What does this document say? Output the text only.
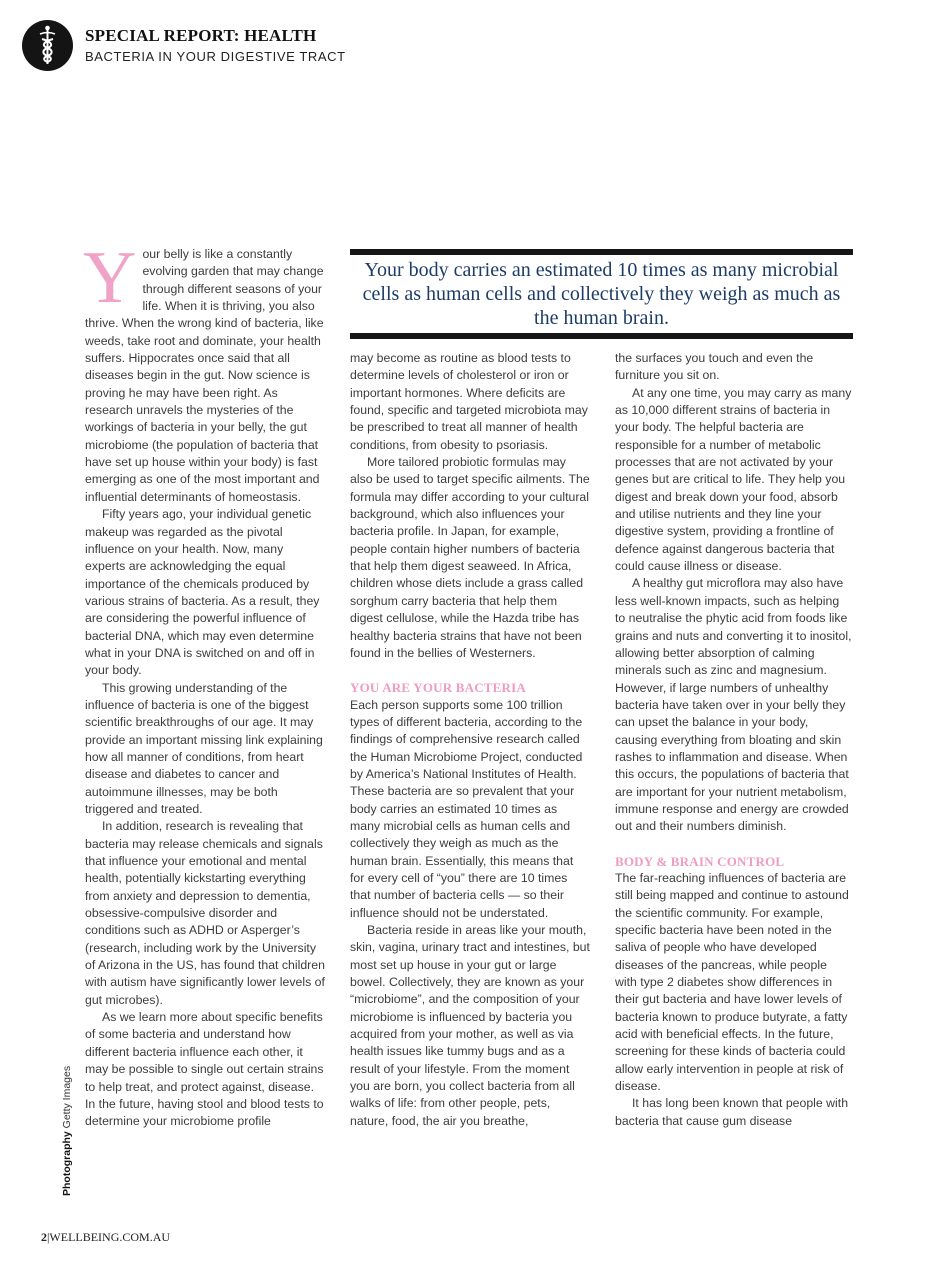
SPECIAL REPORT: HEALTH
BACTERIA IN YOUR DIGESTIVE TRACT
Your body carries an estimated 10 times as many microbial cells as human cells and collectively they weigh as much as the human brain.

Your belly is like a constantly evolving garden that may change through different seasons of your life. When it is thriving, you also thrive. When the wrong kind of bacteria, like weeds, take root and dominate, your health suffers. Hippocrates once said that all diseases begin in the gut. Now science is proving he may have been right. As research unravels the mysteries of the workings of bacteria in your belly, the gut microbiome (the population of bacteria that have set up house within your body) is fast emerging as one of the most important and influential determinants of homeostasis.

Fifty years ago, your individual genetic makeup was regarded as the pivotal influence on your health. Now, many experts are acknowledging the equal importance of the chemicals produced by various strains of bacteria. As a result, they are considering the powerful influence of bacterial DNA, which may even determine what in your DNA is switched on and off in your body.

This growing understanding of the influence of bacteria is one of the biggest scientific breakthroughs of our age. It may provide an important missing link explaining how all manner of conditions, from heart disease and diabetes to cancer and autoimmune illnesses, may be both triggered and treated.

In addition, research is revealing that bacteria may release chemicals and signals that influence your emotional and mental health, potentially kickstarting everything from anxiety and depression to dementia, obsessive-compulsive disorder and conditions such as ADHD or Asperger’s (research, including work by the University of Arizona in the US, has found that children with autism have significantly lower levels of gut microbes).

As we learn more about specific benefits of some bacteria and understand how different bacteria influence each other, it may be possible to single out certain strains to help treat, and protect against, disease. In the future, having stool and blood tests to determine your microbiome profile

may become as routine as blood tests to determine levels of cholesterol or iron or important hormones. Where deficits are found, specific and targeted microbiota may be prescribed to treat all manner of health conditions, from obesity to psoriasis.

More tailored probiotic formulas may also be used to target specific ailments. The formula may differ according to your cultural background, which also influences your bacteria profile. In Japan, for example, people contain higher numbers of bacteria that help them digest seaweed. In Africa, children whose diets include a grass called sorghum carry bacteria that help them digest cellulose, while the Hazda tribe has healthy bacteria strains that have not been found in the bellies of Westerners.

YOU ARE YOUR BACTERIA

Each person supports some 100 trillion types of different bacteria, according to the findings of comprehensive research called the Human Microbiome Project, conducted by America’s National Institutes of Health. These bacteria are so prevalent that your body carries an estimated 10 times as many microbial cells as human cells and collectively they weigh as much as the human brain. Essentially, this means that for every cell of “you” there are 10 times that number of bacteria cells — so their influence should not be understated.

Bacteria reside in areas like your mouth, skin, vagina, urinary tract and intestines, but most set up house in your gut or large bowel. Collectively, they are known as your “microbiome”, and the composition of your microbiome is influenced by bacteria you acquired from your mother, as well as via health issues like tummy bugs and as a result of your lifestyle. From the moment you are born, you collect bacteria from all walks of life: from other people, pets, nature, food, the air you breathe,

the surfaces you touch and even the furniture you sit on.

At any one time, you may carry as many as 10,000 different strains of bacteria in your body. The helpful bacteria are responsible for a number of metabolic processes that are not activated by your genes but are critical to life. They help you digest and break down your food, absorb and utilise nutrients and they line your digestive system, providing a frontline of defence against dangerous bacteria that could cause illness or disease.

A healthy gut microflora may also have less well-known impacts, such as helping to neutralise the phytic acid from foods like grains and nuts and converting it to inositol, allowing better absorption of calming minerals such as zinc and magnesium. However, if large numbers of unhealthy bacteria have taken over in your belly they can upset the balance in your body, causing everything from bloating and skin rashes to inflammation and disease. When this occurs, the populations of bacteria that are important for your nutrient metabolism, immune response and energy are crowded out and their numbers diminish.

BODY & BRAIN CONTROL

The far-reaching influences of bacteria are still being mapped and continue to astound the scientific community. For example, specific bacteria have been noted in the saliva of people who have developed diseases of the pancreas, while people with type 2 diabetes show differences in their gut bacteria and have lower levels of bacteria known to produce butyrate, a fatty acid with beneficial effects. In the future, screening for these kinds of bacteria could allow early intervention in people at risk of disease.

It has long been known that people with bacteria that cause gum disease

Photography Getty Images
2|WELLBEING.COM.AU
